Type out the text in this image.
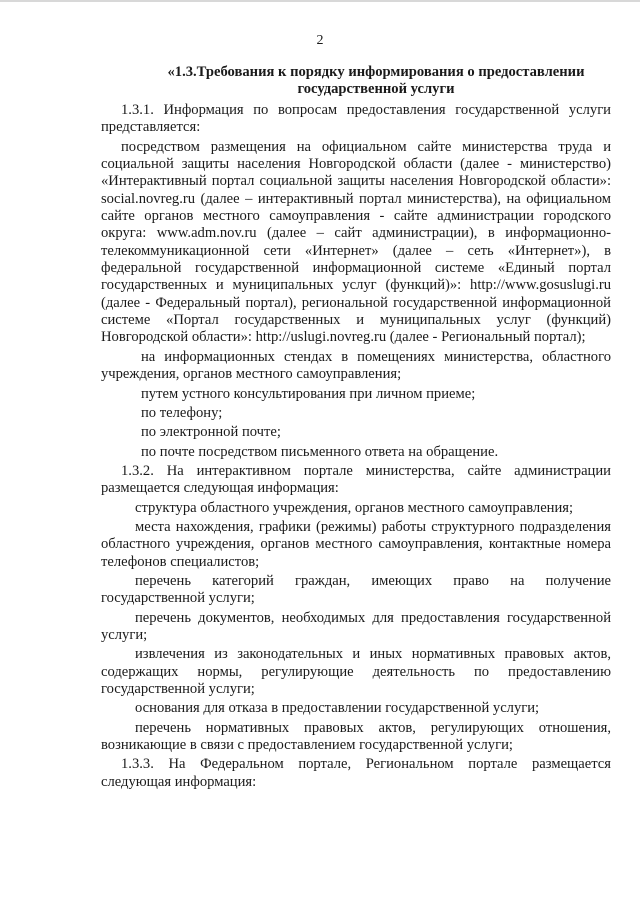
2
«1.3.Требования к порядку информирования о предоставлении
государственной услуги

1.3.1. Информация по вопросам предоставления государственной услуги представляется:

посредством размещения на официальном сайте министерства труда и социальной защиты населения Новгородской области (далее - министерство) «Интерактивный портал социальной защиты населения Новгородской области»: social.novreg.ru (далее – интерактивный портал министерства), на официальном сайте органов местного самоуправления - сайте администрации городского округа: www.adm.nov.ru (далее – сайт администрации), в информационно-телекоммуникационной сети «Интернет» (далее – сеть «Интернет»), в федеральной государственной информационной системе «Единый портал государственных и муниципальных услуг (функций)»: http://www.gosuslugi.ru (далее - Федеральный портал), региональной государственной информационной системе «Портал государственных и муниципальных услуг (функций) Новгородской области»: http://uslugi.novreg.ru (далее - Региональный портал);

на информационных стендах в помещениях министерства, областного учреждения, органов местного самоуправления;

путем устного консультирования при личном приеме;

по телефону;

по электронной почте;

по почте посредством письменного ответа на обращение.

1.3.2. На интерактивном портале министерства, сайте администрации размещается следующая информация:

структура областного учреждения, органов местного самоуправления;

места нахождения, графики (режимы) работы структурного подразделения областного учреждения, органов местного самоуправления, контактные номера телефонов специалистов;

перечень категорий граждан, имеющих право на получение государственной услуги;

перечень документов, необходимых для предоставления государственной услуги;

извлечения из законодательных и иных нормативных правовых актов, содержащих нормы, регулирующие деятельность по предоставлению государственной услуги;

основания для отказа в предоставлении государственной услуги;

перечень нормативных правовых актов, регулирующих отношения, возникающие в связи с предоставлением государственной услуги;

1.3.3. На Федеральном портале, Региональном портале размещается следующая информация:
